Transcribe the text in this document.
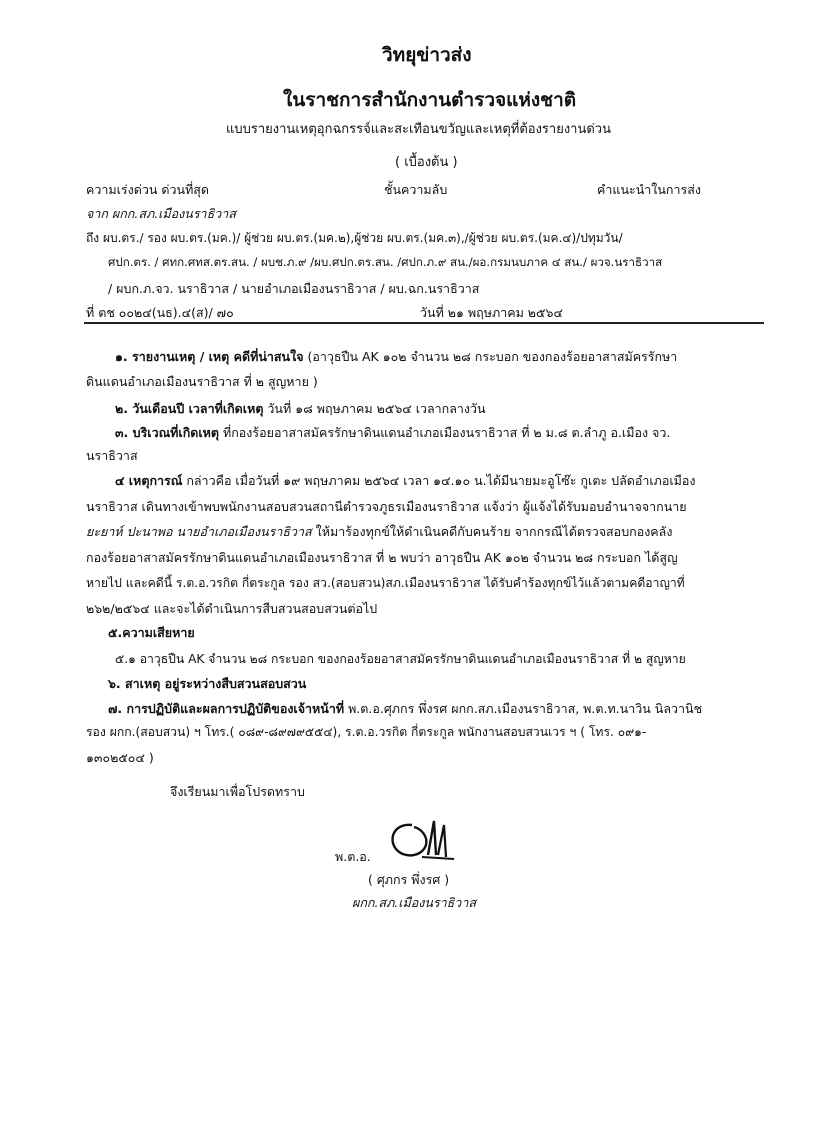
วิทยุข่าวส่ง
ในราชการสำนักงานตำรวจแห่งชาติ
แบบรายงานเหตุอุกฉกรรจ์และสะเทือนขวัญและเหตุที่ต้องรายงานด่วน
( เบื้องต้น )
ความเร่งด่วน ด่วนที่สุด	ชั้นความลับ	คำแนะนำในการส่ง
จาก ผกก.สภ.เมืองนราธิวาส
ถึง ผบ.ตร./ รอง ผบ.ตร.(มค.)/ ผู้ช่วย ผบ.ตร.(มค.๒),ผู้ช่วย ผบ.ตร.(มค.๓),/ผู้ช่วย ผบ.ตร.(มค.๔)/ปทุมวัน/
ศปก.ตร. / ศทก.ศทส.ตร.สน. / ผบช.ภ.๙ /ผบ.ศปก.ตร.สน. /ศปก.ภ.๙ สน./ผอ.กรมนบภาค ๔ สน./ ผวจ.นราธิวาส
/ ผบก.ภ.จว. นราธิวาส / นายอำเภอเมืองนราธิวาส / ผบ.ฉก.นราธิวาส
ที่ ตช ๐๐๒๔(นธ).๔(ส)/ ๗๐	วันที่ ๒๑ พฤษภาคม ๒๕๖๔
๑. รายงานเหตุ / เหตุ คดีที่น่าสนใจ (อาวุธปืน AK ๑๐๒ จำนวน ๒๘ กระบอก ของกองร้อยอาสาสมัครรักษา
ดินแดนอำเภอเมืองนราธิวาส ที่ ๒ สูญหาย )
๒. วันเดือนปี เวลาที่เกิดเหตุ วันที่ ๑๘ พฤษภาคม ๒๕๖๔ เวลากลางวัน
๓. บริเวณที่เกิดเหตุ ที่กองร้อยอาสาสมัครรักษาดินแดนอำเภอเมืองนราธิวาส ที่ ๒ ม.๘ ต.ลำภู อ.เมือง จว.
นราธิวาส
๔ เหตุการณ์ กล่าวคือ เมื่อวันที่ ๑๙ พฤษภาคม ๒๕๖๔ เวลา ๑๔.๑๐ น.ได้มีนายมะอูโซ๊ะ กูเตะ ปลัดอำเภอเมือง
นราธิวาส เดินทางเข้าพบพนักงานสอบสวนสถานีตำรวจภูธรเมืองนราธิวาส แจ้งว่า ผู้แจ้งได้รับมอบอำนาจจากนาย
ยะยาห์ ปะนาพอ นายอำเภอเมืองนราธิวาส ให้มาร้องทุกข์ให้ดำเนินคดีกับคนร้าย จากกรณีได้ตรวจสอบกองคลัง
กองร้อยอาสาสมัครรักษาดินแดนอำเภอเมืองนราธิวาส ที่ ๒ พบว่า อาวุธปืน AK ๑๐๒ จำนวน ๒๘ กระบอก ได้สูญ
หายไป และคดีนี้ ร.ต.อ.วรกิต กี่ตระกูล รอง สว.(สอบสวน)สภ.เมืองนราธิวาส ได้รับคำร้องทุกข์ไว้แล้วตามคดีอาญาที่
๒๖๒/๒๕๖๔ และจะได้ดำเนินการสืบสวนสอบสวนต่อไป
๕.ความเสียหาย
๕.๑ อาวุธปืน AK จำนวน ๒๘ กระบอก ของกองร้อยอาสาสมัครรักษาดินแดนอำเภอเมืองนราธิวาส ที่ ๒ สูญหาย
๖. สาเหตุ อยู่ระหว่างสืบสวนสอบสวน
๗. การปฏิบัติและผลการปฏิบัติของเจ้าหน้าที่ พ.ต.อ.ศุภกร พึ่งรศ ผกก.สภ.เมืองนราธิวาส, พ.ต.ท.นาวิน นิลวานิช
รอง ผกก.(สอบสวน) ฯ โทร.( ๐๘๙-๘๙๗๙๕๕๔), ร.ต.อ.วรกิต กี่ตระกูล พนักงานสอบสวนเวร ฯ ( โทร. ๐๙๑-
๑๓๐๒๕๐๔ )
จึงเรียนมาเพื่อโปรดทราบ
พ.ต.อ.
( ศุภกร พึ่งรศ )
ผกก.สภ.เมืองนราธิวาส
